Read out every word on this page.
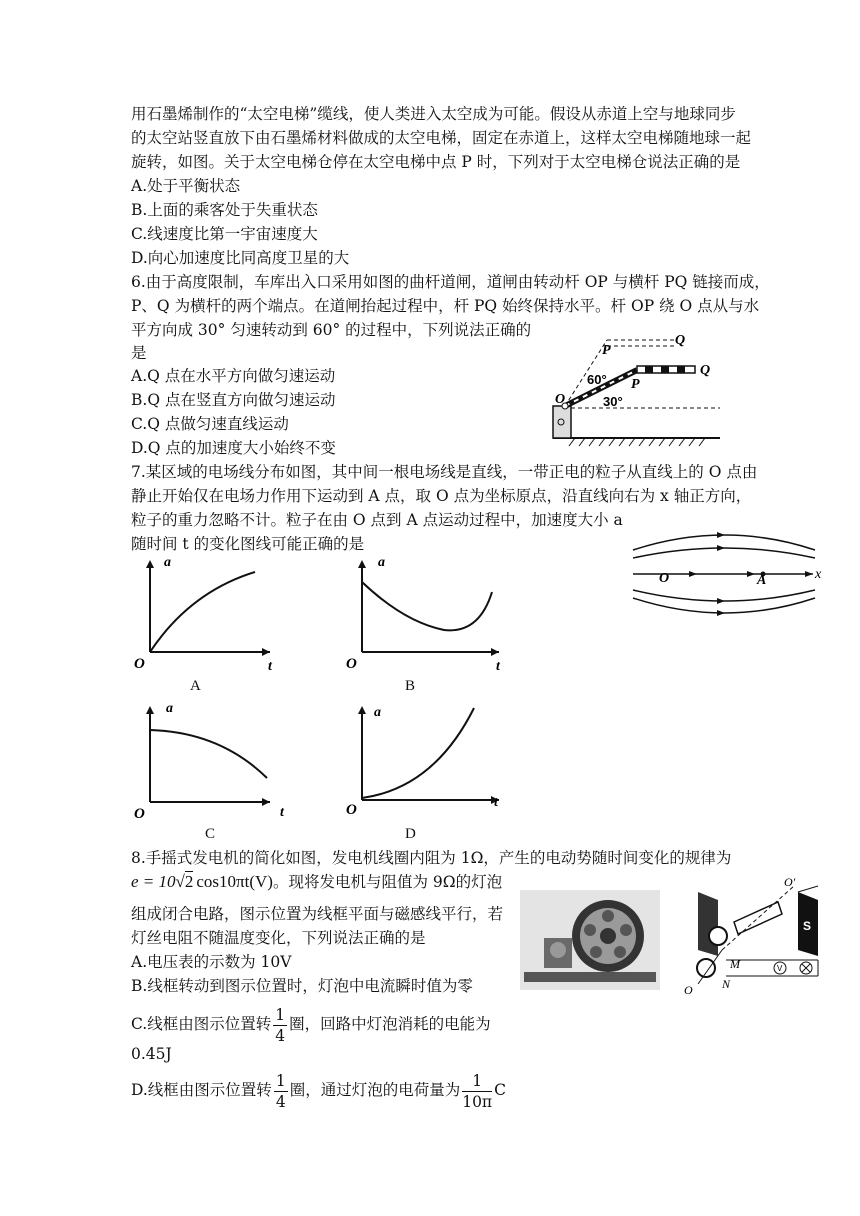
用石墨烯制作的“太空电梯”缆线，使人类进入太空成为可能。假设从赤道上空与地球同步
的太空站竖直放下由石墨烯材料做成的太空电梯，固定在赤道上，这样太空电梯随地球一起
旋转，如图。关于太空电梯仓停在太空电梯中点 P 时，下列对于太空电梯仓说法正确的是
A.处于平衡状态
B.上面的乘客处于失重状态
C.线速度比第一宇宙速度大
D.向心加速度比同高度卫星的大
6.由于高度限制，车库出入口采用如图的曲杆道闸，道闸由转动杆 OP 与横杆 PQ 链接而成，
P、Q 为横杆的两个端点。在道闸抬起过程中，杆 PQ 始终保持水平。杆 OP 绕 O 点从与水
平方向成 30° 匀速转动到 60° 的过程中，下列说法正确的
是
A.Q 点在水平方向做匀速运动
B.Q 点在竖直方向做匀速运动
C.Q 点做匀速直线运动
D.Q 点的加速度大小始终不变
Q
Q
P
P
O
60°
30°
7.某区域的电场线分布如图，其中间一根电场线是直线，一带正电的粒子从直线上的 O 点由
静止开始仅在电场力作用下运动到 A 点，取 O 点为坐标原点，沿直线向右为 x 轴正方向，
粒子的重力忽略不计。粒子在由 O 点到 A 点运动过程中，加速度大小 a
随时间 t 的变化图线可能正确的是
O	A	x
a
t
O
A
a
t
O
B
a
t
O
C
a
t
O
D
8.手摇式发电机的简化如图，发电机线圈内阻为 1Ω，产生的电动势随时间变化的规律为
e = 10√2 cos10πt(V)。现将发电机与阻值为 9Ω的灯泡
组成闭合电路，图示位置为线框平面与磁感线平行，若
灯丝电阻不随温度变化，下列说法正确的是
A.电压表的示数为 10V
B.线框转动到图示位置时，灯泡中电流瞬时值为零
C.线框由图示位置转 $\frac{1}{4}$ 圈，回路中灯泡消耗的电能为
0.45J
D.线框由图示位置转 $\frac{1}{4}$ 圈，通过灯泡的电荷量为 $\frac{1}{10\pi}$ C
S
O′
O
M
N
V
